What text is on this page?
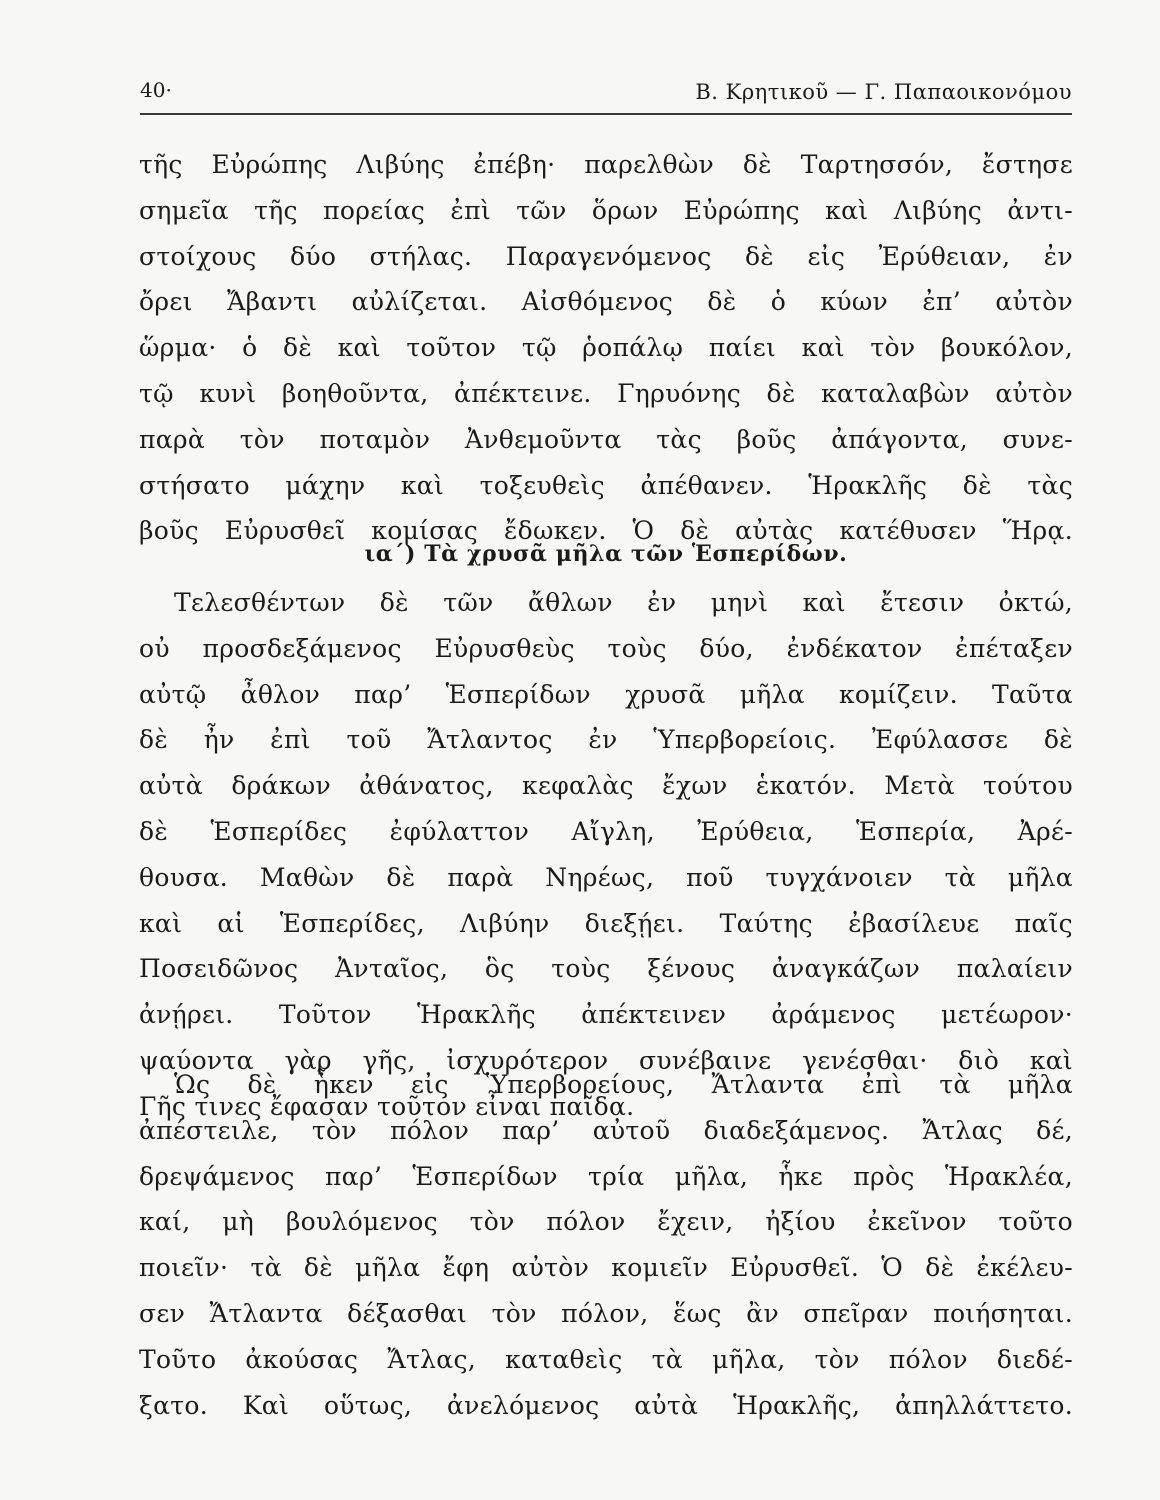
40·	Β. Κρητικοῦ — Γ. Παπαοικονόμου
τῆς Εὐρώπης Λιβύης ἐπέβη· παρελθὼν δὲ Ταρτησσόν, ἔστησε
σημεῖα τῆς πορείας ἐπὶ τῶν ὅρων Εὐρώπης καὶ Λιβύης ἀντι-
στοίχους δύο στήλας. Παραγενόμενος δὲ εἰς Ἐρύθειαν, ἐν
ὄρει Ἄβαντι αὐλίζεται. Αἰσθόμενος δὲ ὁ κύων ἐπ’ αὐτὸν
ὥρμα· ὁ δὲ καὶ τοῦτον τῷ ῥοπάλῳ παίει καὶ τὸν βουκόλον,
τῷ κυνὶ βοηθοῦντα, ἀπέκτεινε. Γηρυόνης δὲ καταλαβὼν αὐτὸν
παρὰ τὸν ποταμὸν Ἀνθεμοῦντα τὰς βοῦς ἀπάγοντα, συνε-
στήσατο μάχην καὶ τοξευθεὶς ἀπέθανεν. Ἡρακλῆς δὲ τὰς
βοῦς Εὐρυσθεῖ κομίσας ἔδωκεν. Ὁ δὲ αὐτὰς κατέθυσεν Ἥρᾳ.
ια΄) Τὰ χρυσᾶ μῆλα τῶν Ἑσπερίδων.
Τελεσθέντων δὲ τῶν ἄθλων ἐν μηνὶ καὶ ἔτεσιν ὀκτώ,
οὐ προσδεξάμενος Εὐρυσθεὺς τοὺς δύο, ἐνδέκατον ἐπέταξεν
αὐτῷ ἆθλον παρ’ Ἑσπερίδων χρυσᾶ μῆλα κομίζειν. Ταῦτα
δὲ ἦν ἐπὶ τοῦ Ἄτλαντος ἐν Ὑπερβορείοις. Ἐφύλασσε δὲ
αὐτὰ δράκων ἀθάνατος, κεφαλὰς ἔχων ἑκατόν. Μετὰ τούτου
δὲ Ἑσπερίδες ἐφύλαττον Αἴγλη, Ἐρύθεια, Ἑσπερία, Ἀρέ-
θουσα. Μαθὼν δὲ παρὰ Νηρέως, ποῦ τυγχάνοιεν τὰ μῆλα
καὶ αἱ Ἑσπερίδες, Λιβύην διεξῄει. Ταύτης ἐβασίλευε παῖς
Ποσειδῶνος Ἀνταῖος, ὃς τοὺς ξένους ἀναγκάζων παλαίειν
ἀνῄρει. Τοῦτον Ἡρακλῆς ἀπέκτεινεν ἀράμενος μετέωρον·
ψαύοντα γὰρ γῆς, ἰσχυρότερον συνέβαινε γενέσθαι· διὸ καὶ
Γῆς τινες ἔφασαν τοῦτον εἶναι παῖδα.
Ὡς δὲ ἧκεν εἰς Ὑπερβορείους, Ἄτλαντα ἐπὶ τὰ μῆλα
ἀπέστειλε, τὸν πόλον παρ’ αὐτοῦ διαδεξάμενος. Ἄτλας δέ,
δρεψάμενος παρ’ Ἑσπερίδων τρία μῆλα, ἧκε πρὸς Ἡρακλέα,
καί, μὴ βουλόμενος τὸν πόλον ἔχειν, ἠξίου ἐκεῖνον τοῦτο
ποιεῖν· τὰ δὲ μῆλα ἔφη αὐτὸν κομιεῖν Εὐρυσθεῖ. Ὁ δὲ ἐκέλευ-
σεν Ἄτλαντα δέξασθαι τὸν πόλον, ἕως ἂν σπεῖραν ποιήσηται.
Τοῦτο ἀκούσας Ἄτλας, καταθεὶς τὰ μῆλα, τὸν πόλον διεδέ-
ξατο. Καὶ οὕτως, ἀνελόμενος αὐτὰ Ἡρακλῆς, ἀπηλλάττετο.
